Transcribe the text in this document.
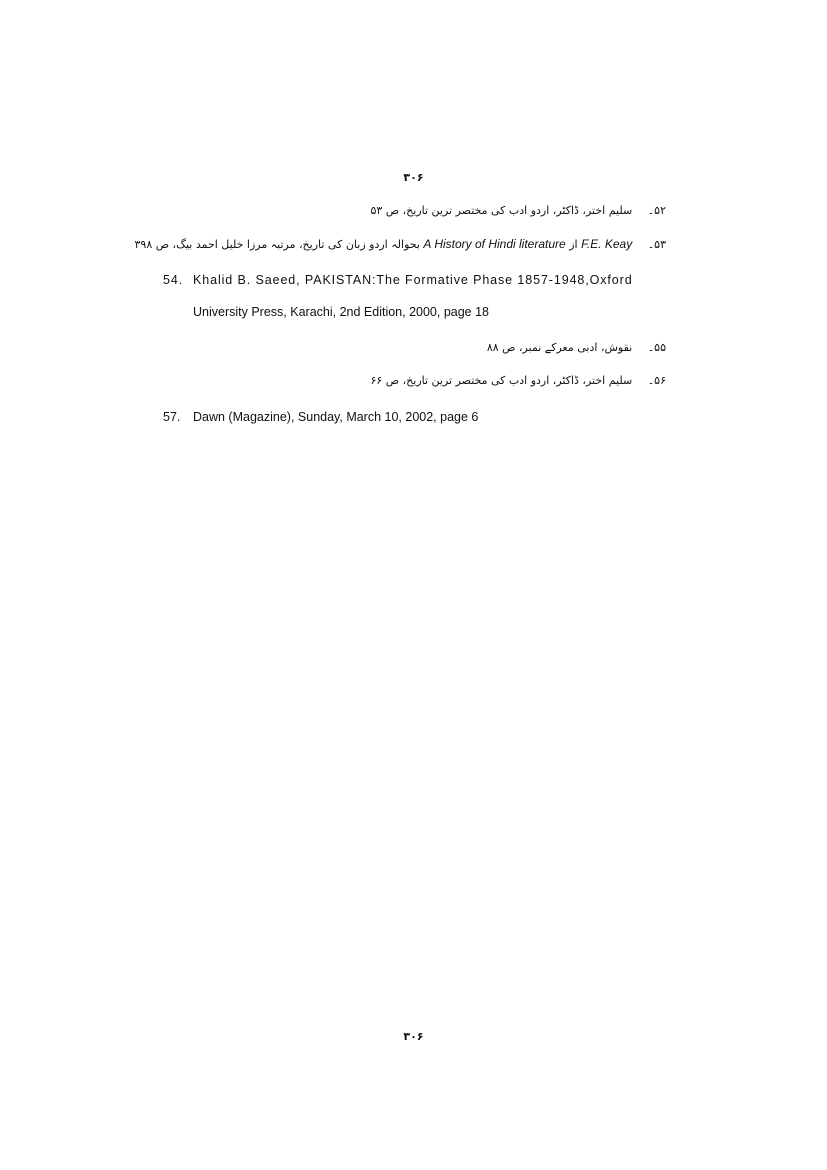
۳۰۶
۵۲۔ سلیم اختر، ڈاکٹر، اردو ادب کی مختصر ترین تاریخ، ص ۵۳
۵۳۔ F.E. Keay از A History of Hindi literature بحوالہ اردو زبان کی تاریخ، مرتبہ مرزا خلیل احمد بیگ، ص ۳۹۸
54. Khalid B. Saeed, PAKISTAN:The Formative Phase 1857-1948,Oxford
University Press, Karachi, 2nd Edition, 2000, page 18
۵۵۔ نقوش، ادبی معرکے نمبر، ص ۸۸
۵۶۔ سلیم اختر، ڈاکٹر، اردو ادب کی مختصر ترین تاریخ، ص ۶۶
57. Dawn (Magazine), Sunday, March 10, 2002, page 6
۳۰۶
